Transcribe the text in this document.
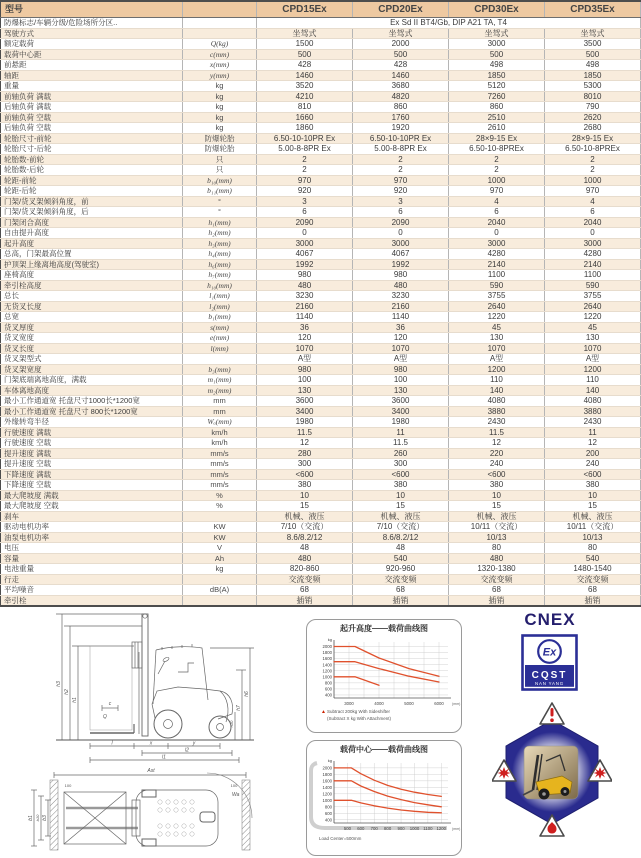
型号		CPD15Ex	CPD20Ex	CPD30Ex	CPD35Ex
防爆标志/车辆分级/危险场所分区..		Ex Sd II BT4/Gb, DIP A21 TA, T4			
驾驶方式		坐驾式	坐驾式	坐驾式	坐驾式
额定载荷	Q(kg)	1500	2000	3000	3500
载荷中心距	c(mm)	500	500	500	500
前悬距	x(mm)	428	428	498	498
轴距	y(mm)	1460	1460	1850	1850
重量	kg	3520	3680	5120	5300
前轴负荷 满载	kg	4210	4820	7260	8010
后轴负荷 满载	kg	810	860	860	790
前轴负荷 空载	kg	1660	1760	2510	2620
后轴负荷 空载	kg	1860	1920	2610	2680
轮胎尺寸-前轮	防爆轮胎	6.50-10-10PR Ex	6.50-10-10PR Ex	28×9-15 Ex	28×9-15 Ex
轮胎尺寸-后轮	防爆轮胎	5.00-8-8PR Ex	5.00-8-8PR Ex	6.50-10-8PREx	6.50-10-8PREx
轮胎数-前轮	只	2	2	2	2
轮胎数-后轮	只	2	2	2	2
轮距-前轮	b₁₀(mm)	970	970	1000	1000
轮距-后轮	b₁₁(mm)	920	920	970	970
门架/货叉架倾斜角度，前	°	3	3	4	4
门架/货叉架倾斜角度，后	°	6	6	6	6
门架闭合高度	h₁(mm)	2090	2090	2040	2040
自由提升高度	h₂(mm)	0	0	0	0
起升高度	h₃(mm)	3000	3000	3000	3000
总高，门架最高位置	h₄(mm)	4067	4067	4280	4280
护顶架上缘离地高度(驾驶室)	h₆(mm)	1992	1992	2140	2140
座椅高度	h₇(mm)	980	980	1100	1100
牵引栓高度	h₁₀(mm)	480	480	590	590
总长	l₁(mm)	3230	3230	3755	3755
无货叉长度	l₂(mm)	2160	2160	2640	2640
总宽	b₁(mm)	1140	1140	1220	1220
货叉厚度	s(mm)	36	36	45	45
货叉宽度	e(mm)	120	120	130	130
货叉长度	l(mm)	1070	1070	1070	1070
货叉架型式		A型	A型	A型	A型
货叉架宽度	b₃(mm)	980	980	1200	1200
门架底端离地高度，满载	m₁(mm)	100	100	110	110
车体离地高度	m₂(mm)	130	130	140	140
最小工作通道宽 托盘尺寸1000长*1200宽	mm	3600	3600	4080	4080
最小工作通道宽 托盘尺寸 800长*1200宽	mm	3400	3400	3880	3880
外缘转弯半径	Wₐ(mm)	1980	1980	2430	2430
行驶速度 满载	km/h	11.5	11	11.5	11
行驶速度 空载	km/h	12	11.5	12	12
提升速度 满载	mm/s	280	260	220	200
提升速度 空载	mm/s	300	300	240	240
下降速度 满载	mm/s	<600	<600	<600	<600
下降速度 空载	mm/s	380	380	380	380
最大爬坡度 满载	%	10	10	10	10
最大爬坡度 空载	%	15	15	15	15
刹车		机械、液压	机械、液压	机械、液压	机械、液压
驱动电机功率	KW	7/10（交流）	7/10（交流）	10/11（交流）	10/11（交流）
油泵电机功率	KW	8.6/8.2/12	8.6/8.2/12	10/13	10/13
电压	V	48	48	80	80
容量	Ah	480	540	480	540
电池重量	kg	820-860	920-960	1320-1380	1480-1540
行走		交流变频	交流变频	交流变频	交流变频
平均噪音	dB(A)	68	68	68	68
牵引栓		插销	插销	插销	插销
h3
h2
h1
h6
h7
h10
c
Q
x	y
l
l2
l1
Ast
100	100
b1 b10 b3
Wa
起升高度——载荷曲线图
400
600
800
1000
1200
1400
1600
1800
2000
3000	4000	5000	6000
kg
(mm)
▲Subtract 200kg With Sideshifter
(Subtract X kg With Attachment)
载荷中心——载荷曲线图
400
600
800
1000
1200
1400
1600
1800
2000
500 600 700 800 900 1000 1100 1200
kg
(mm)
Load Center=500mm
CNEX
Ex
CQST
NAN YANG
